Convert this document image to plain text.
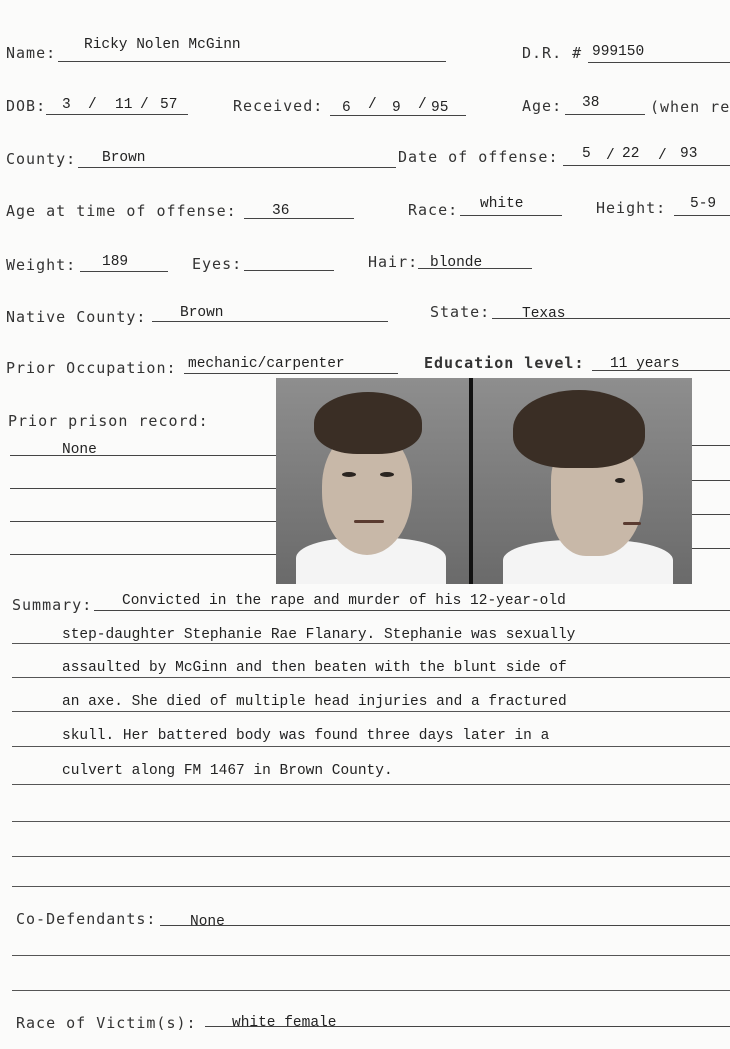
Name: Ricky Nolen McGinn	D.R. # 999150
DOB: 3 / 11 / 57	Received: 6 / 9 / 95	Age: 38	(when re
County: Brown	Date of offense: 5 / 22 / 93
Age at time of offense: 36	Race: white	Height: 5-9
Weight: 189	Eyes:	Hair: blonde
Native County: Brown	State: Texas
Prior Occupation: mechanic/carpenter	Education level: 11 years
Prior prison record:
None
Summary: Convicted in the rape and murder of his 12-year-old
step-daughter Stephanie Rae Flanary. Stephanie was sexually
assaulted by McGinn and then beaten with the blunt side of
an axe. She died of multiple head injuries and a fractured
skull. Her battered body was found three days later in a
culvert along FM 1467 in Brown County.
Co-Defendants: None
Race of Victim(s): white female
